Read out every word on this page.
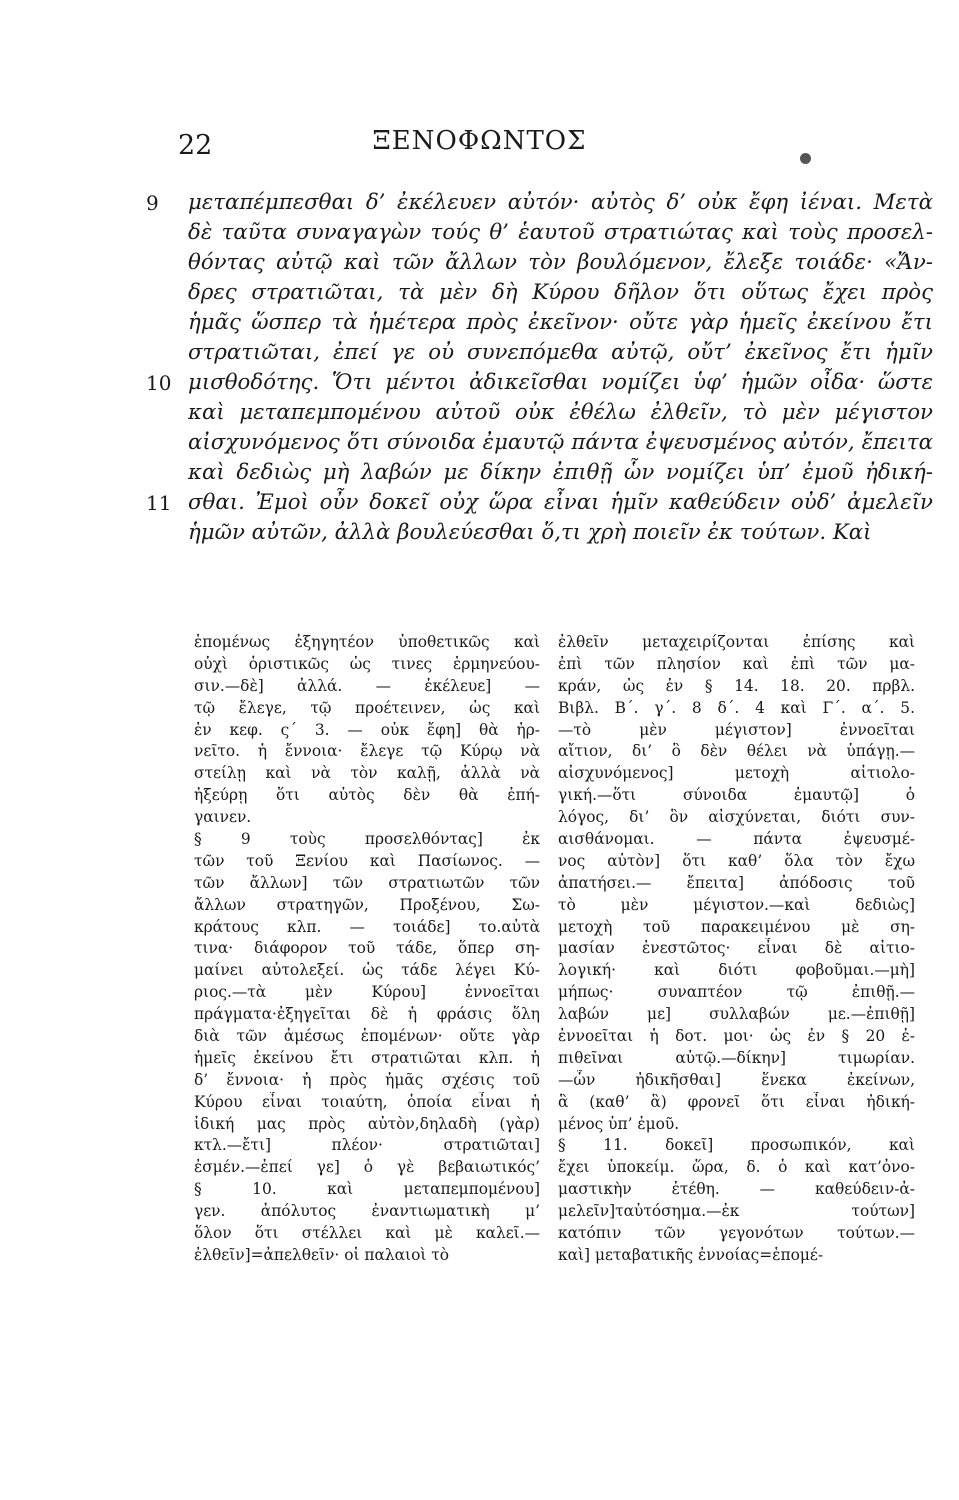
22	ΞΕΝΟΦΩΝΤΟΣ
μεταπέμπεσθαι δ’ ἐκέλευεν αὐτόν· αὐτὸς δ’ οὐκ ἔφη ἰέναι. Μετὰ
δὲ ταῦτα συναγαγὼν τούς θ’ ἑαυτοῦ στρατιώτας καὶ τοὺς προσελ-
θόντας αὐτῷ καὶ τῶν ἄλλων τὸν βουλόμενον, ἔλεξε τοιάδε· «Ἄν-
δρες στρατιῶται, τὰ μὲν δὴ Κύρου δῆλον ὅτι οὕτως ἔχει πρὸς
ἡμᾶς ὥσπερ τὰ ἡμέτερα πρὸς ἐκεῖνον· οὔτε γὰρ ἡμεῖς ἐκείνου ἔτι
στρατιῶται, ἐπεί γε οὐ συνεπόμεθα αὐτῷ, οὔτ’ ἐκεῖνος ἔτι ἡμῖν
μισθοδότης. Ὅτι μέντοι ἀδικεῖσθαι νομίζει ὑφ’ ἡμῶν οἶδα· ὥστε
καὶ μεταπεμπομένου αὐτοῦ οὐκ ἐθέλω ἐλθεῖν, τὸ μὲν μέγιστον
αἰσχυνόμενος ὅτι σύνοιδα ἐμαυτῷ πάντα ἐψευσμένος αὐτόν, ἔπειτα
καὶ δεδιὼς μὴ λαβών με δίκην ἐπιθῇ ὧν νομίζει ὑπ’ ἐμοῦ ἠδική-
σθαι. Ἐμοὶ οὖν δοκεῖ οὐχ ὥρα εἶναι ἡμῖν καθεύδειν οὐδ’ ἀμελεῖν
ἡμῶν αὐτῶν, ἀλλὰ βουλεύεσθαι ὅ,τι χρὴ ποιεῖν ἐκ τούτων. Καὶ
9
10
11
ἑπομένως ἐξηγητέον ὑποθετικῶς καὶ
οὐχὶ ὁριστικῶς ὡς τινες ἑρμηνεύου-
σιν.—δὲ] ἀλλά. — ἐκέλευε] —
τῷ ἔλεγε, τῷ προέτεινεν, ὡς καὶ
ἐν κεφ. ς΄ 3. — οὐκ ἔφη] θὰ ἠρ-
νεῖτο. ἡ ἔννοια· ἔλεγε τῷ Κύρῳ νὰ
στείλῃ καὶ νὰ τὸν καλῇ, ἀλλὰ νὰ
ἠξεύρῃ ὅτι αὐτὸς δὲν θὰ ἐπή-
γαινεν.
§ 9 τοὺς προσελθόντας] ἐκ
τῶν τοῦ Ξενίου καὶ Πασίωνος. —
τῶν ἄλλων] τῶν στρατιωτῶν τῶν
ἄλλων στρατηγῶν, Προξένου, Σω-
κράτους κλπ. — τοιάδε] το.αὐτὰ
τινα· διάφορον τοῦ τάδε, ὅπερ ση-
μαίνει αὐτολεξεί. ὡς τάδε λέγει Κύ-
ριος.—τὰ μὲν Κύρου] ἐννοεῖται
πράγματα·ἐξηγεῖται δὲ ἡ φράσις ὅλη
διὰ τῶν ἀμέσως ἑπομένων· οὔτε γὰρ
ἡμεῖς ἐκείνου ἔτι στρατιῶται κλπ. ἡ
δ’ ἔννοια· ἡ πρὸς ἡμᾶς σχέσις τοῦ
Κύρου εἶναι τοιαύτη, ὁποία εἶναι ἡ
ἰδική μας πρὸς αὐτὸν,δηλαδὴ (γὰρ)
κτλ.—ἔτι] πλέον· στρατιῶται]
ἐσμέν.—ἐπεί γε] ὁ γὲ βεβαιωτικός’
§ 10. καὶ μεταπεμπομένου]
γεν. ἀπόλυτος ἐναντιωματικὴ μ’
ὅλον ὅτι στέλλει καὶ μὲ καλεῖ.—
ἐλθεῖν]=ἀπελθεῖν· οἱ παλαιοὶ τὸ
ἐλθεῖν μεταχειρίζονται ἐπίσης καὶ
ἐπὶ τῶν πλησίον καὶ ἐπὶ τῶν μα-
κράν, ὡς ἐν § 14. 18. 20. πρβλ.
Βιβλ. Β΄. γ΄. 8 δ΄. 4 καὶ Γ΄. α΄. 5.
—τὸ μὲν μέγιστον] ἐννοεῖται
αἴτιον, δι’ ὃ δὲν θέλει νὰ ὑπάγῃ.—
αἰσχυνόμενος] μετοχὴ αἰτιολο-
γική.—ὅτι σύνοιδα ἐμαυτῷ] ὁ
λόγος, δι’ ὃν αἰσχύνεται, διότι συν-
αισθάνομαι. — πάντα ἐψευσμέ-
νος αὐτὸν] ὅτι καθ’ ὅλα τὸν ἔχω
ἀπατήσει.— ἔπειτα] ἀπόδοσις τοῦ
τὸ μὲν μέγιστον.—καὶ δεδιὼς]
μετοχὴ τοῦ παρακειμένου μὲ ση-
μασίαν ἐνεστῶτος· εἶναι δὲ αἰτιο-
λογική· καὶ διότι φοβοῦμαι.—μὴ]
μήπως· συναπτέον τῷ ἐπιθῇ.—
λαβών με] συλλαβών με.—ἐπιθῇ]
ἐννοεῖται ἡ δοτ. μοι· ὡς ἐν § 20 ἐ-
πιθεῖναι αὐτῷ.—δίκην] τιμωρίαν.
—ὧν ἠδικῆσθαι] ἕνεκα ἐκείνων,
ἃ (καθ’ ἃ) φρονεῖ ὅτι εἶναι ἠδική-
μένος ὑπ’ ἐμοῦ.
§ 11. δοκεῖ] προσωπικόν, καὶ
ἔχει ὑποκείμ. ὥρα, δ. ὁ καὶ κατ’ὀνο-
μαστικὴν ἐτέθη. — καθεύδειν-ἀ-
μελεῖν]ταὐτόσημα.—ἐκ τούτων]
κατόπιν τῶν γεγονότων τούτων.—
καὶ] μεταβατικῆς ἐννοίας=ἑπομέ-
